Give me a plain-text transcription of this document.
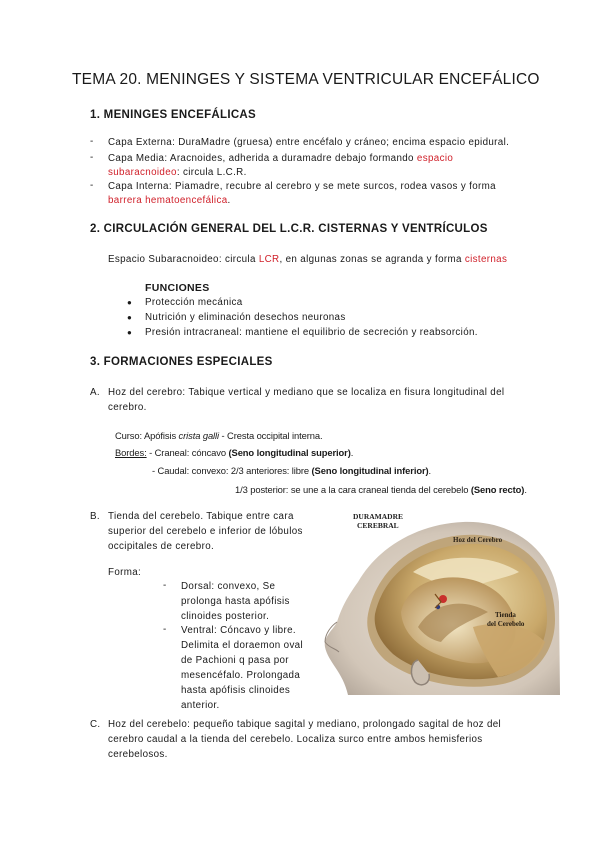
TEMA 20. MENINGES Y SISTEMA VENTRICULAR ENCEFÁLICO
1. MENINGES ENCEFÁLICAS
- Capa Externa: DuraMadre (gruesa) entre encéfalo y cráneo; encima espacio epidural.
- Capa Media: Aracnoides, adherida a duramadre debajo formando espacio
subaracnoideo: circula L.C.R.
- Capa Interna: Piamadre, recubre al cerebro y se mete surcos, rodea vasos y forma
barrera hematoencefálica.
2. CIRCULACIÓN GENERAL DEL L.C.R. CISTERNAS Y VENTRÍCULOS
Espacio Subaracnoideo: circula LCR, en algunas zonas se agranda y forma cisternas
FUNCIONES
● Protección mecánica
● Nutrición y eliminación desechos neuronas
● Presión intracraneal: mantiene el equilibrio de secreción y reabsorción.
3. FORMACIONES ESPECIALES
A. Hoz del cerebro: Tabique vertical y mediano que se localiza en fisura longitudinal del
cerebro.
Curso: Apófisis crista galli - Cresta occipital interna.
Bordes: - Craneal: cóncavo (Seno longitudinal superior).
- Caudal: convexo: 2/3 anteriores: libre (Seno longitudinal inferior).
1/3 posterior: se une a la cara craneal tienda del cerebelo (Seno recto).
B. Tienda del cerebelo. Tabique entre cara
superior del cerebelo e inferior de lóbulos
occipitales de cerebro.
Forma:
- Dorsal: convexo, Se
prolonga hasta apófisis
clinoides posterior.
- Ventral: Cóncavo y libre.
Delimita el doraemon oval
de Pachioni q pasa por
mesencéfalo. Prolongada
hasta apófisis clinoides
anterior.
DURAMADRE
CEREBRAL
Hoz del Cerebro
Tienda
del Cerebelo
C. Hoz del cerebelo: pequeño tabique sagital y mediano, prolongado sagital de hoz del
cerebro caudal a la tienda del cerebelo. Localiza surco entre ambos hemisferios
cerebelosos.
